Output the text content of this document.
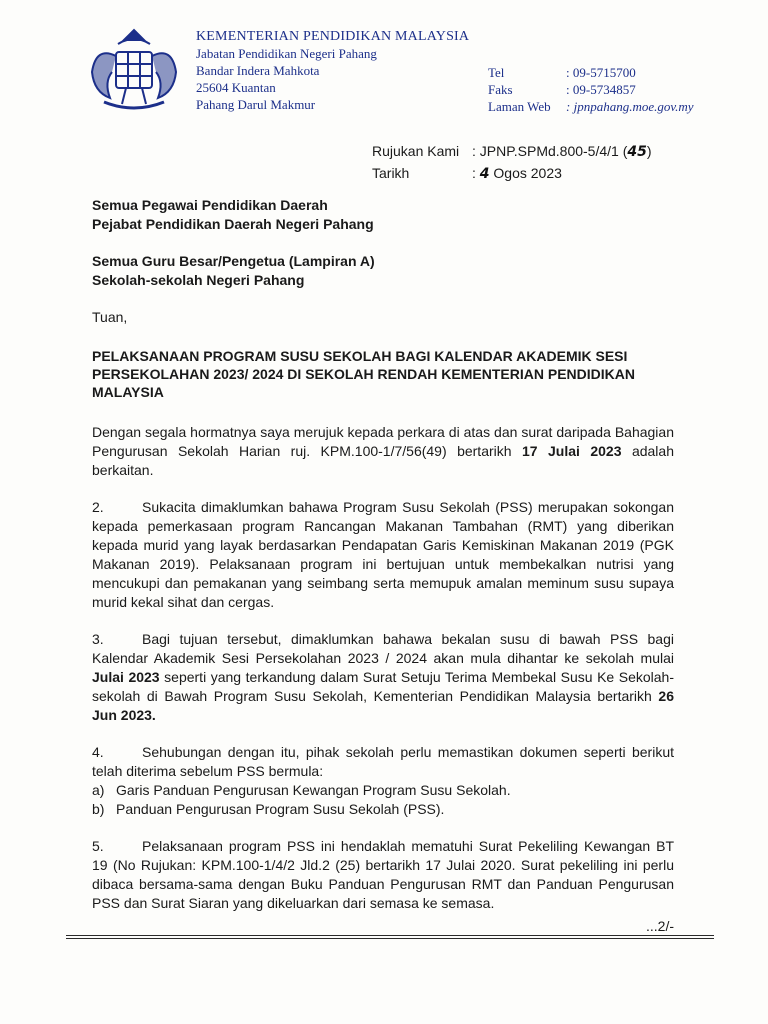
KEMENTERIAN PENDIDIKAN MALAYSIA
Jabatan Pendidikan Negeri Pahang
Bandar Indera Mahkota
25604 Kuantan
Pahang Darul Makmur
Tel	: 09-5715700
Faks	: 09-5734857
Laman Web	: jpnpahang.moe.gov.my
Rujukan Kami : JPNP.SPMd.800-5/4/1 (45)
Tarikh	: 4 Ogos 2023
Semua Pegawai Pendidikan Daerah
Pejabat Pendidikan Daerah Negeri Pahang
Semua Guru Besar/Pengetua (Lampiran A)
Sekolah-sekolah Negeri Pahang

Tuan,

PELAKSANAAN PROGRAM SUSU SEKOLAH BAGI KALENDAR AKADEMIK SESI PERSEKOLAHAN 2023/ 2024 DI SEKOLAH RENDAH KEMENTERIAN PENDIDIKAN MALAYSIA

Dengan segala hormatnya saya merujuk kepada perkara di atas dan surat daripada Bahagian Pengurusan Sekolah Harian ruj. KPM.100-1/7/56(49) bertarikh 17 Julai 2023 adalah berkaitan.

2.	Sukacita dimaklumkan bahawa Program Susu Sekolah (PSS) merupakan sokongan kepada pemerkasaan program Rancangan Makanan Tambahan (RMT) yang diberikan kepada murid yang layak berdasarkan Pendapatan Garis Kemiskinan Makanan 2019 (PGK Makanan 2019). Pelaksanaan program ini bertujuan untuk membekalkan nutrisi yang mencukupi dan pemakanan yang seimbang serta memupuk amalan meminum susu supaya murid kekal sihat dan cergas.

3.	Bagi tujuan tersebut, dimaklumkan bahawa bekalan susu di bawah PSS bagi Kalendar Akademik Sesi Persekolahan 2023 / 2024 akan mula dihantar ke sekolah mulai Julai 2023 seperti yang terkandung dalam Surat Setuju Terima Membekal Susu Ke Sekolah-sekolah di Bawah Program Susu Sekolah, Kementerian Pendidikan Malaysia bertarikh 26 Jun 2023.

4.	Sehubungan dengan itu, pihak sekolah perlu memastikan dokumen seperti berikut telah diterima sebelum PSS bermula:

a) Garis Panduan Pengurusan Kewangan Program Susu Sekolah.
b) Panduan Pengurusan Program Susu Sekolah (PSS).

5.	Pelaksanaan program PSS ini hendaklah mematuhi Surat Pekeliling Kewangan BT 19 (No Rujukan: KPM.100-1/4/2 Jld.2 (25) bertarikh 17 Julai 2020. Surat pekeliling ini perlu dibaca bersama-sama dengan Buku Panduan Pengurusan RMT dan Panduan Pengurusan PSS dan Surat Siaran yang dikeluarkan dari semasa ke semasa.

...2/-
